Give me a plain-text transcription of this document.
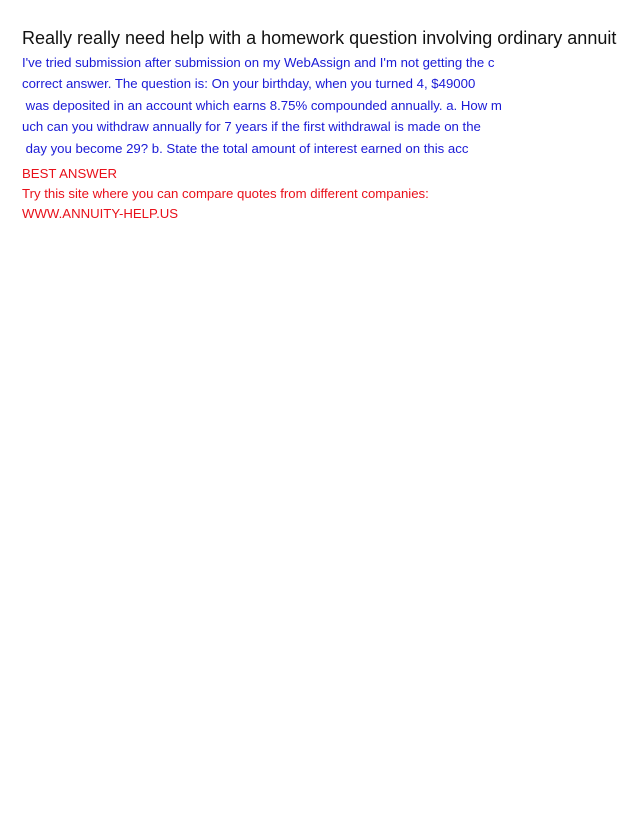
Really really need help with a homework question involving ordinary annuit
I've tried submission after submission on my WebAssign and I'm not getting the c
correct answer. The question is: On your birthday, when you turned 4, $49000
was deposited in an account which earns 8.75% compounded annually. a. How m
uch can you withdraw annually for 7 years if the first withdrawal is made on the
day you become 29? b. State the total amount of interest earned on this acc
BEST ANSWER
Try this site where you can compare quotes from different companies:
WWW.ANNUITY-HELP.US
